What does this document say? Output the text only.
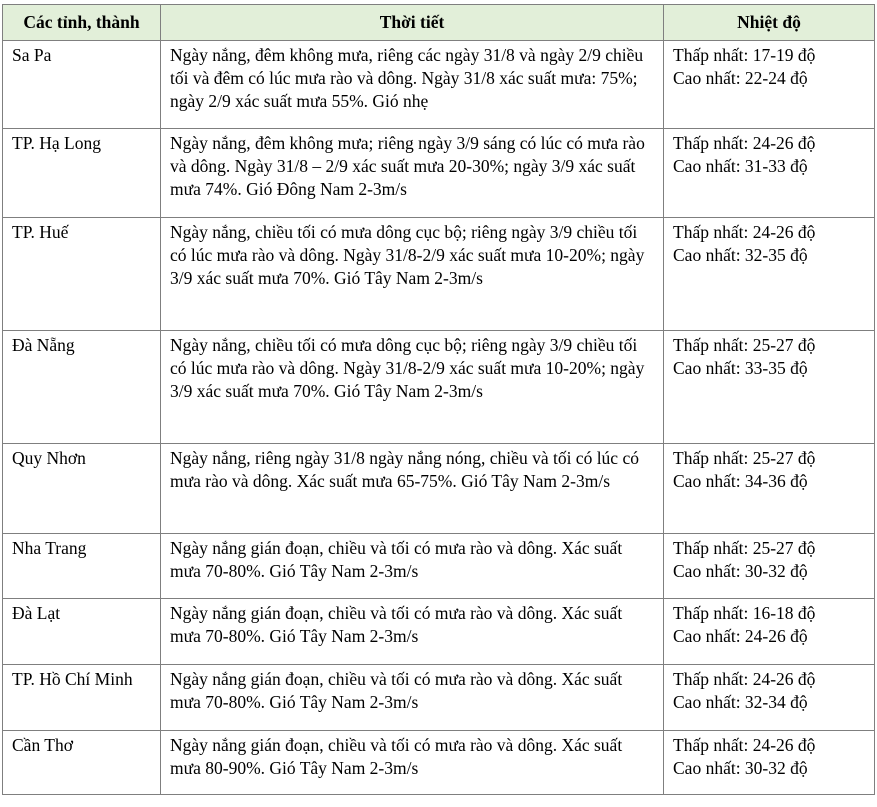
Các tỉnh, thành	Thời tiết	Nhiệt độ
Sa Pa	Ngày nắng, đêm không mưa, riêng các ngày 31/8 và ngày 2/9 chiều tối và đêm có lúc mưa rào và dông. Ngày 31/8 xác suất mưa: 75%; ngày 2/9 xác suất mưa 55%. Gió nhẹ	Thấp nhất: 17-19 độ
Cao nhất: 22-24 độ

TP. Hạ Long	Ngày nắng, đêm không mưa; riêng ngày 3/9 sáng có lúc có mưa rào và dông. Ngày 31/8 – 2/9 xác suất mưa 20-30%; ngày 3/9 xác suất mưa 74%. Gió Đông Nam 2-3m/s	Thấp nhất: 24-26 độ
Cao nhất: 31-33 độ

TP. Huế	Ngày nắng, chiều tối có mưa dông cục bộ; riêng ngày 3/9 chiều tối có lúc mưa rào và dông. Ngày 31/8-2/9 xác suất mưa 10-20%; ngày 3/9 xác suất mưa 70%. Gió Tây Nam 2-3m/s	Thấp nhất: 24-26 độ
Cao nhất: 32-35 độ

Đà Nẵng	Ngày nắng, chiều tối có mưa dông cục bộ; riêng ngày 3/9 chiều tối có lúc mưa rào và dông. Ngày 31/8-2/9 xác suất mưa 10-20%; ngày 3/9 xác suất mưa 70%. Gió Tây Nam 2-3m/s	Thấp nhất: 25-27 độ
Cao nhất: 33-35 độ

Quy Nhơn	Ngày nắng, riêng ngày 31/8 ngày nắng nóng, chiều và tối có lúc có mưa rào và dông. Xác suất mưa 65-75%. Gió Tây Nam 2-3m/s	Thấp nhất: 25-27 độ
Cao nhất: 34-36 độ

Nha Trang	Ngày nắng gián đoạn, chiều và tối có mưa rào và dông. Xác suất mưa 70-80%. Gió Tây Nam 2-3m/s	Thấp nhất: 25-27 độ
Cao nhất: 30-32 độ

Đà Lạt	Ngày nắng gián đoạn, chiều và tối có mưa rào và dông. Xác suất mưa 70-80%. Gió Tây Nam 2-3m/s	Thấp nhất: 16-18 độ
Cao nhất: 24-26 độ

TP. Hồ Chí Minh	Ngày nắng gián đoạn, chiều và tối có mưa rào và dông. Xác suất mưa 70-80%. Gió Tây Nam 2-3m/s	Thấp nhất: 24-26 độ
Cao nhất: 32-34 độ

Cần Thơ	Ngày nắng gián đoạn, chiều và tối có mưa rào và dông. Xác suất mưa 80-90%. Gió Tây Nam 2-3m/s	Thấp nhất: 24-26 độ
Cao nhất: 30-32 độ
